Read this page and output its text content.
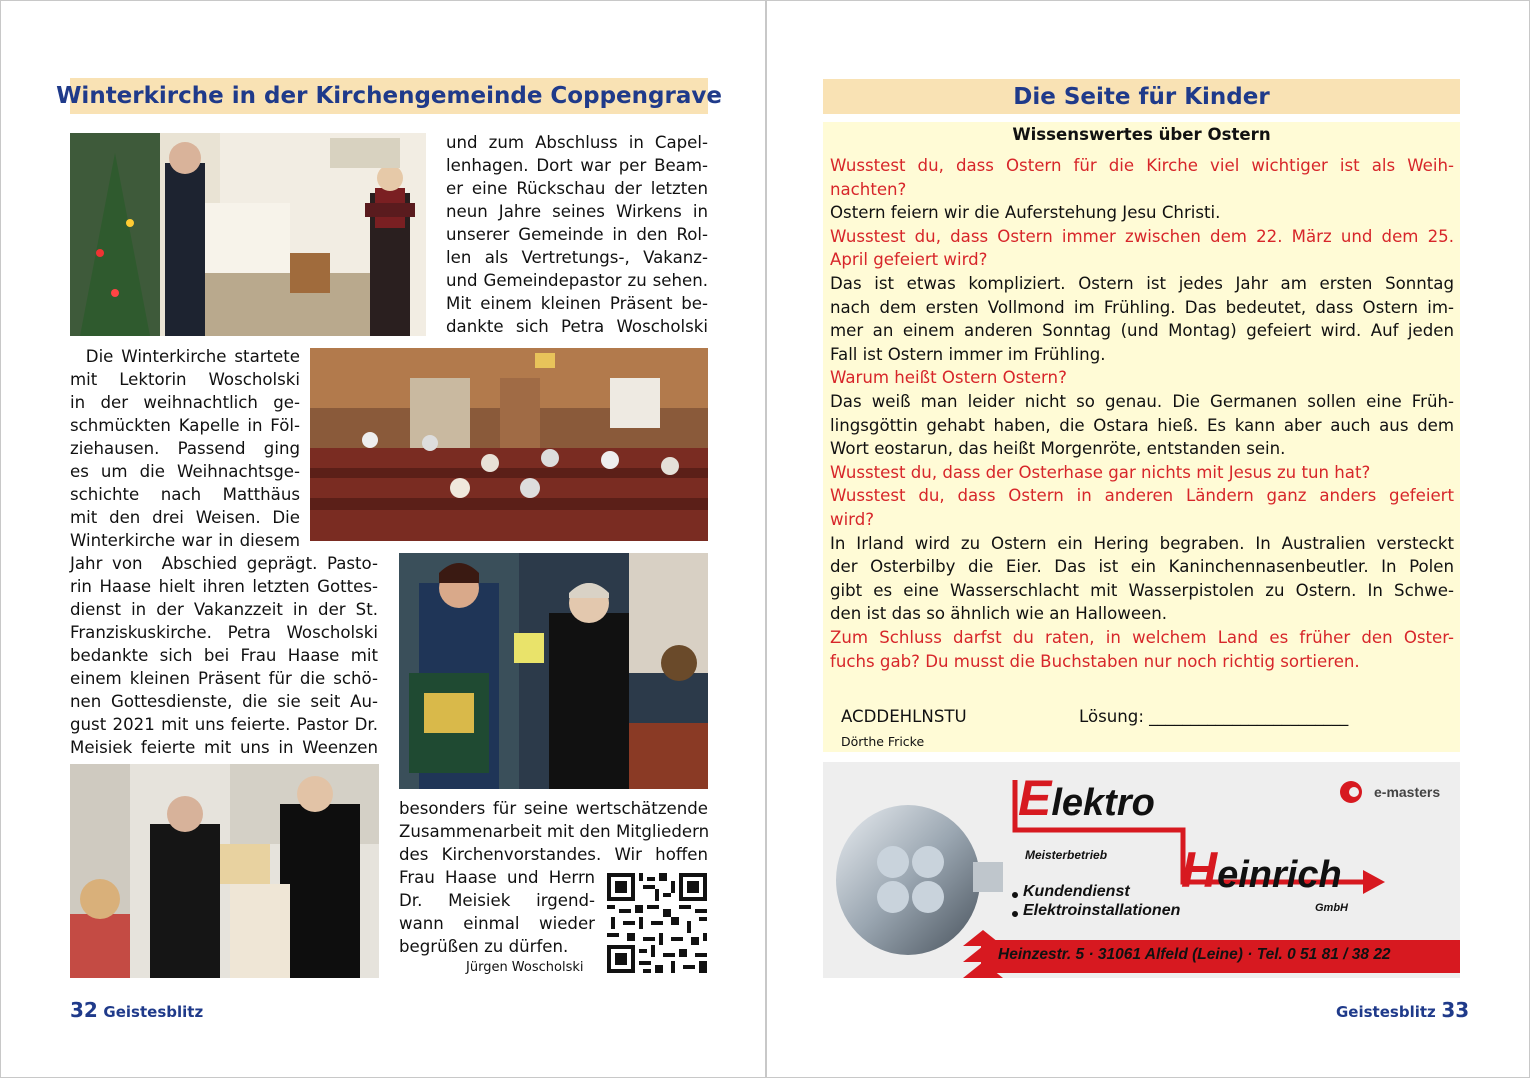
Winterkirche in der Kirchengemeinde Coppengrave
und zum Abschluss in Capel-
lenhagen. Dort war per Beam-
er eine Rückschau der letzten
neun Jahre seines Wirkens in
unserer Gemeinde in den Rol-
len als Vertretungs-, Vakanz-
und Gemeindepastor zu sehen.
Mit einem kleinen Präsent be-
dankte sich Petra Woscholski
Die Winterkirche startete
mit Lektorin Woscholski
in der weihnachtlich ge-
schmückten Kapelle in Föl-
ziehausen. Passend ging
es um die Weihnachtsge-
schichte nach Matthäus
mit den drei Weisen. Die
Winterkirche war in diesem
Jahr von  Abschied geprägt. Pasto-
rin Haase hielt ihren letzten Gottes-
dienst in der Vakanzzeit in der St.
Franziskuskirche. Petra Woscholski
bedankte sich bei Frau Haase mit
einem kleinen Präsent für die schö-
nen Gottesdienste, die sie seit Au-
gust 2021 mit uns feierte. Pastor Dr.
Meisiek feierte mit uns in Weenzen
besonders für seine wertschätzende
Zusammenarbeit mit den Mitgliedern
des Kirchenvorstandes. Wir hoffen
Frau Haase und Herrn
Dr. Meisiek irgend-
wann einmal wieder
begrüßen zu dürfen.
Jürgen Woscholski
32 Geistesblitz
Die Seite für Kinder
Wissenswertes über Ostern
Wusstest du, dass Ostern für die Kirche viel wichtiger ist als Weih-
nachten?
Ostern feiern wir die Auferstehung Jesu Christi.
Wusstest du, dass Ostern immer zwischen dem 22. März und dem 25.
April gefeiert wird?
Das ist etwas kompliziert. Ostern ist jedes Jahr am ersten Sonntag
nach dem ersten Vollmond im Frühling. Das bedeutet, dass Ostern im-
mer an einem anderen Sonntag (und Montag) gefeiert wird. Auf jeden
Fall ist Ostern immer im Frühling.
Warum heißt Ostern Ostern?
Das weiß man leider nicht so genau. Die Germanen sollen eine Früh-
lingsgöttin gehabt haben, die Ostara hieß. Es kann aber auch aus dem
Wort eostarun, das heißt Morgenröte, entstanden sein.
Wusstest du, dass der Osterhase gar nichts mit Jesus zu tun hat?
Wusstest du, dass Ostern in anderen Ländern ganz anders gefeiert
wird?
In Irland wird zu Ostern ein Hering begraben. In Australien versteckt
der Osterbilby die Eier. Das ist ein Kaninchennasenbeutler. In Polen
gibt es eine Wasserschlacht mit Wasserpistolen zu Ostern. In Schwe-
den ist das so ähnlich wie an Halloween.
Zum Schluss darfst du raten, in welchem Land es früher den Oster-
fuchs gab? Du musst die Buchstaben nur noch richtig sortieren.
ACDDEHLNSTU	Lösung: ________________________
Dörthe Fricke
Elektro
Heinrich
Meisterbetrieb
GmbH
Kundendienst
Elektroinstallationen
e-masters
Heinzestr. 5 · 31061 Alfeld (Leine) · Tel. 0 51 81 / 38 22
Geistesblitz 33
